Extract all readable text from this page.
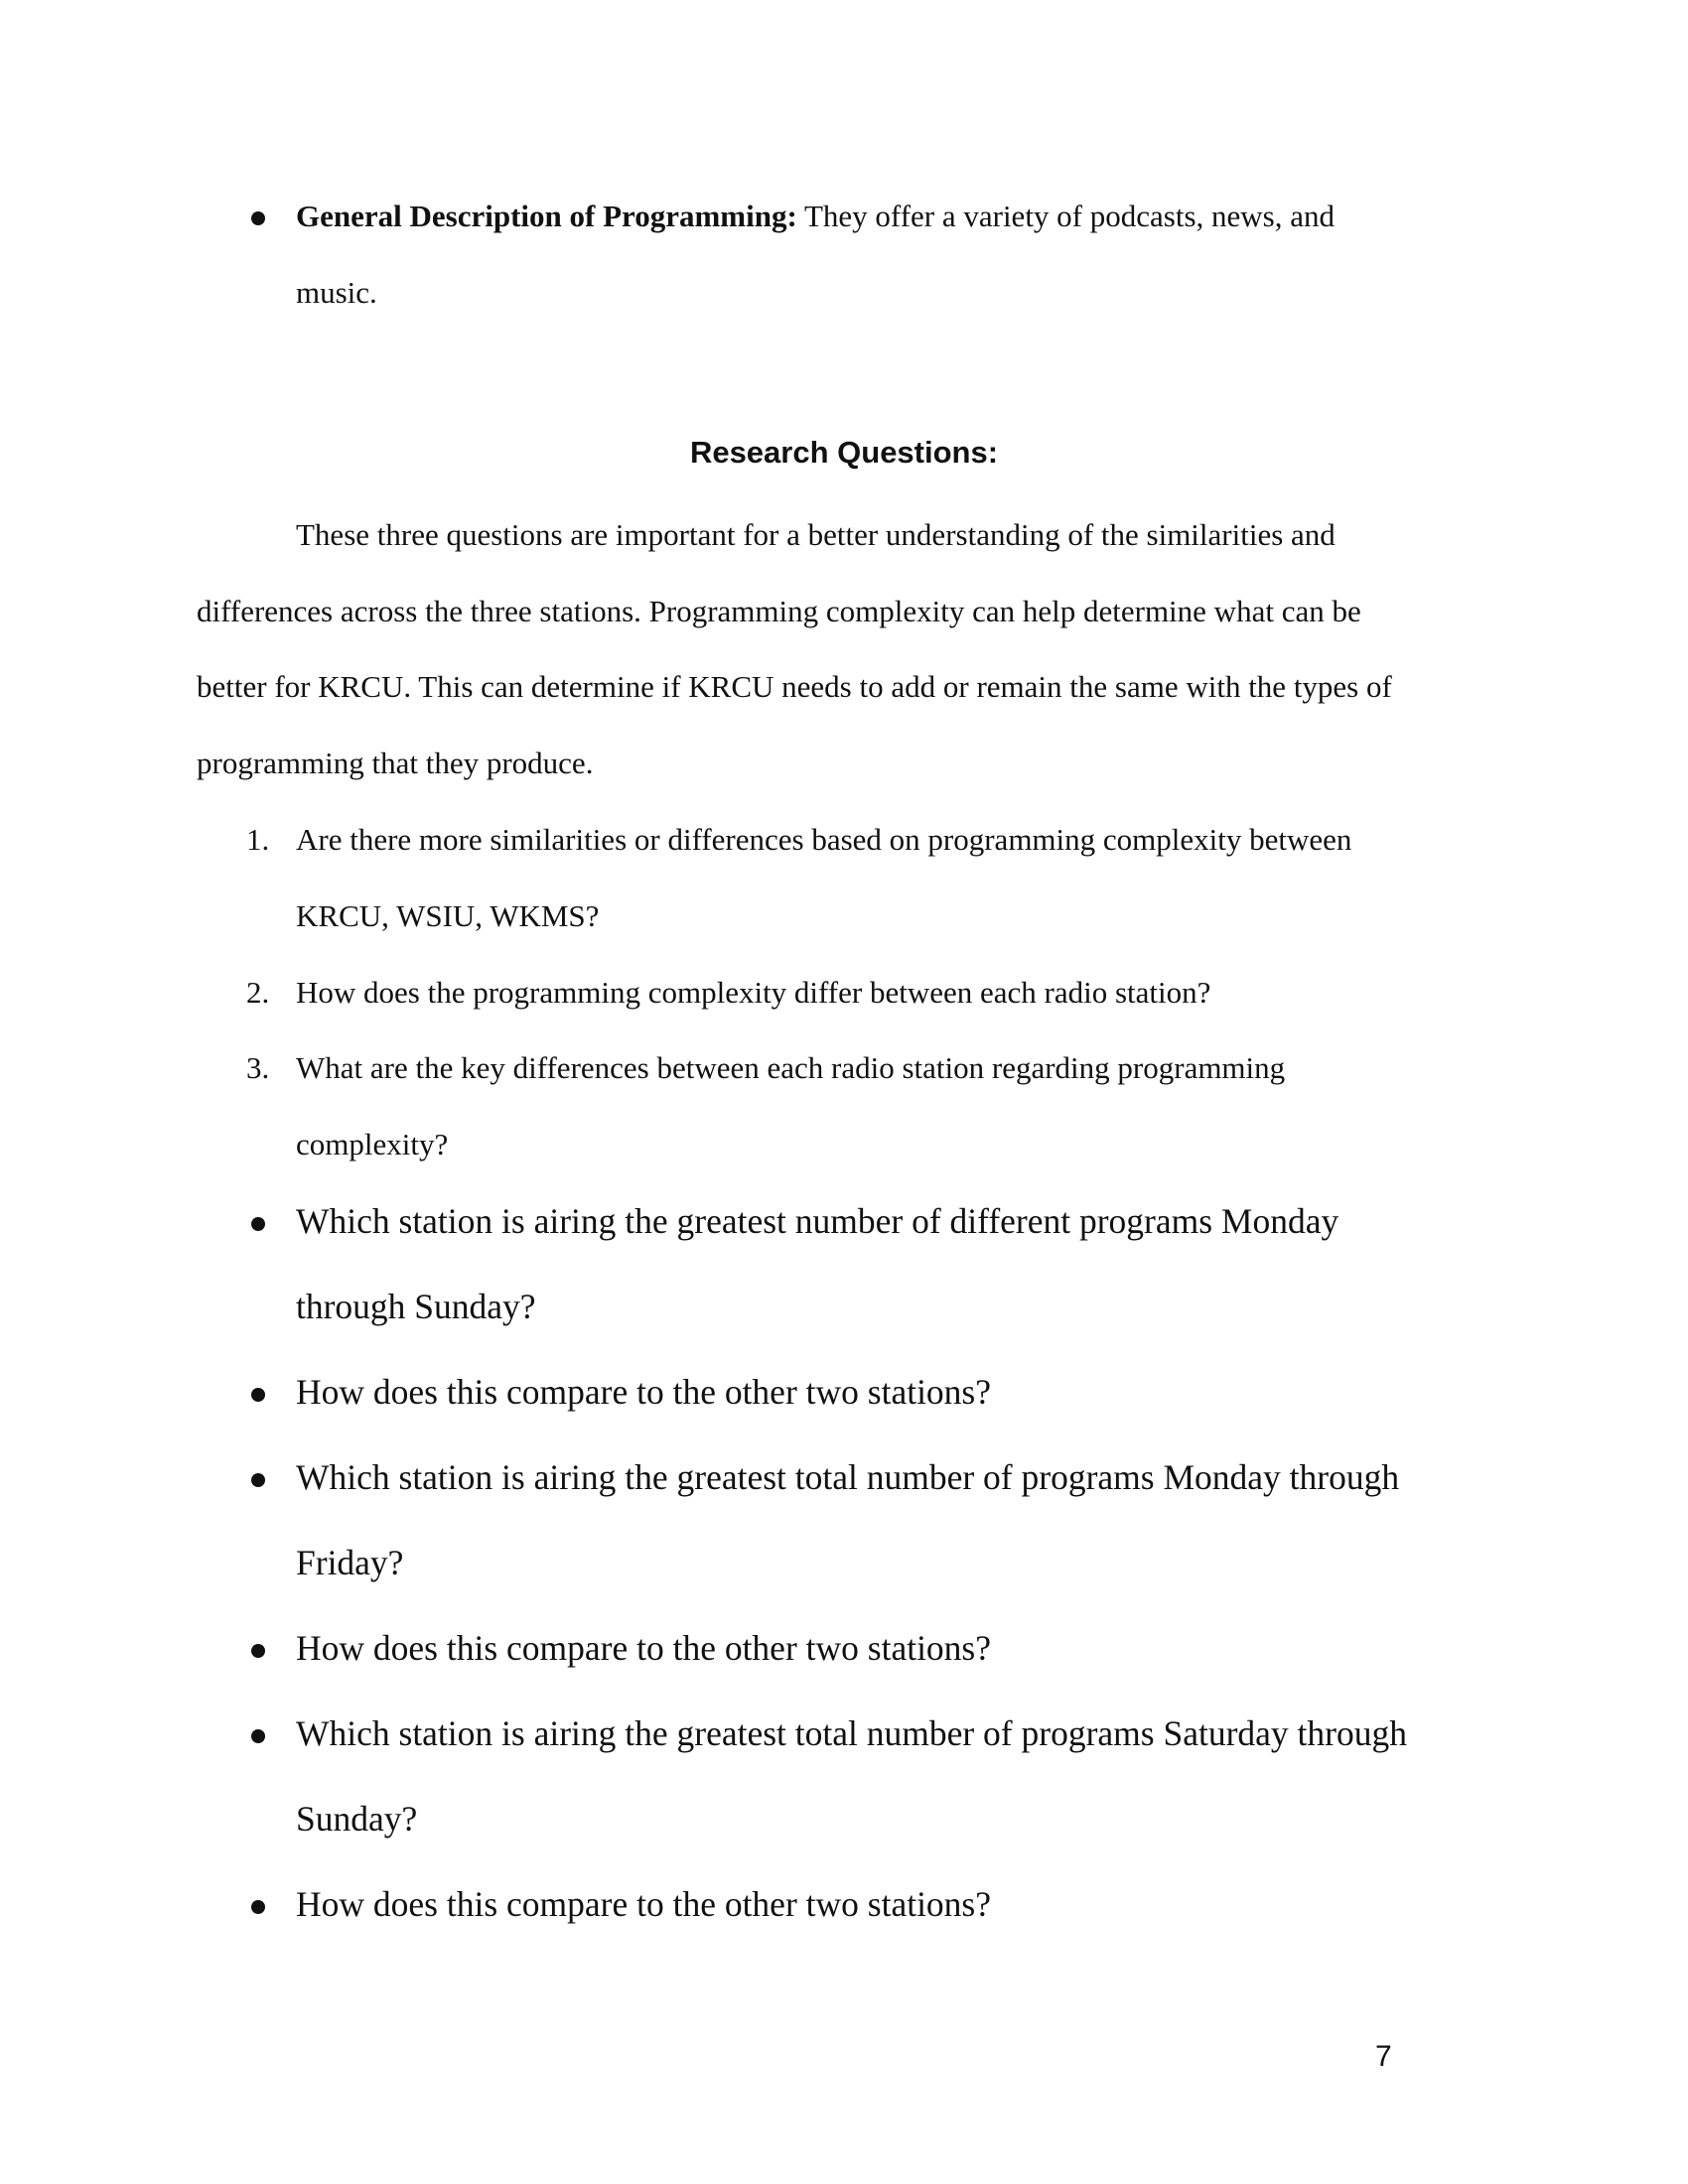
General Description of Programming: They offer a variety of podcasts, news, and
music.
Research Questions:
These three questions are important for a better understanding of the similarities and
differences across the three stations. Programming complexity can help determine what can be
better for KRCU. This can determine if KRCU needs to add or remain the same with the types of
programming that they produce.
1. Are there more similarities or differences based on programming complexity between
KRCU, WSIU, WKMS?
2. How does the programming complexity differ between each radio station?
3. What are the key differences between each radio station regarding programming
complexity?
Which station is airing the greatest number of different programs Monday
through Sunday?
How does this compare to the other two stations?
Which station is airing the greatest total number of programs Monday through
Friday?
How does this compare to the other two stations?
Which station is airing the greatest total number of programs Saturday through
Sunday?
How does this compare to the other two stations?
7
